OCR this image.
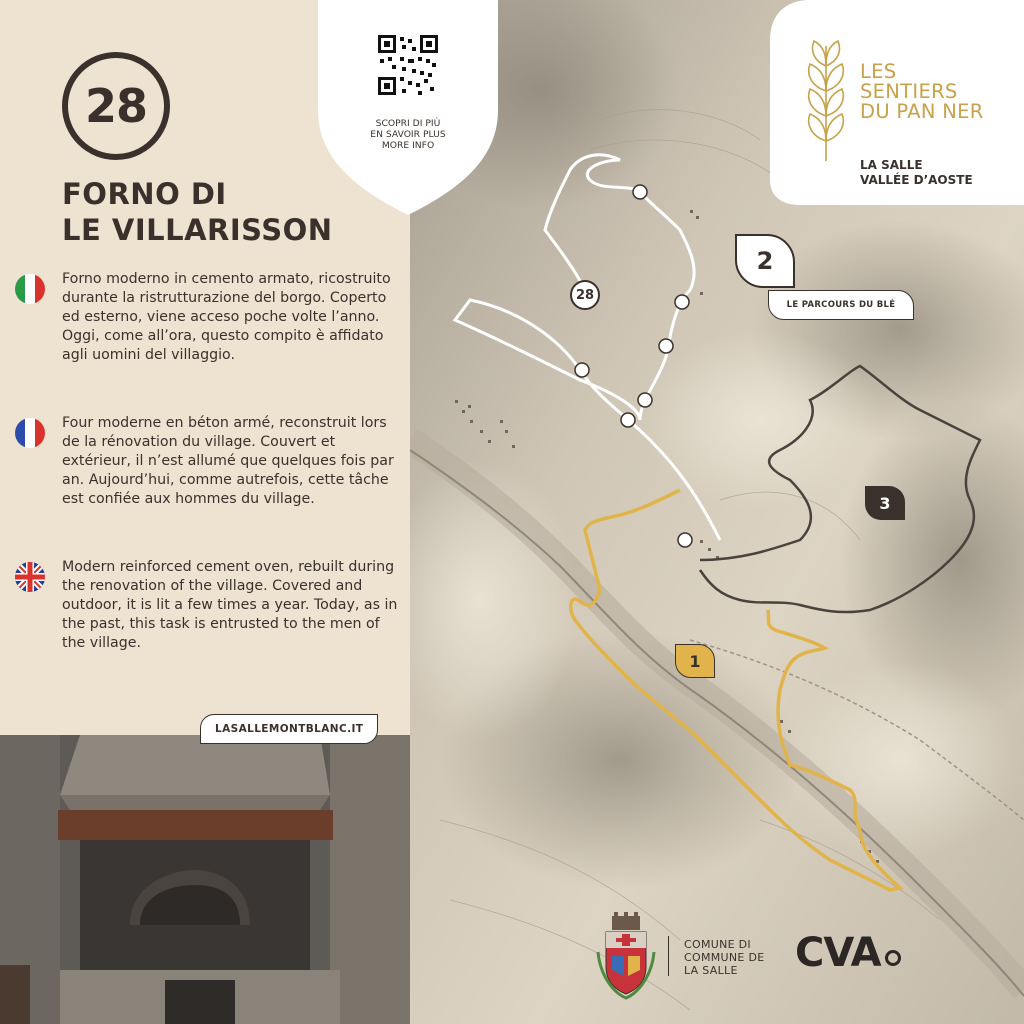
28
2
3
1
LE PARCOURS DU BLÉ
28
FORNO DI
LE VILLARISSON
Forno moderno in cemento armato, ricostruito durante la ristrutturazione del borgo. Coperto ed esterno, viene acceso poche volte l’anno. Oggi, come all’ora, questo compito è affidato agli uomini del villaggio.
Four moderne en béton armé, reconstruit lors de la rénovation du village. Couvert et extérieur, il n’est allumé que quelques fois par an. Aujourd’hui, comme autrefois, cette tâche est confiée aux hommes du village.
Modern reinforced cement oven, rebuilt during the renovation of the village. Covered and outdoor, it is lit a few times a year. Today, as in the past, this task is entrusted to the men of the village.
LASALLEMONTBLANC.IT
SCOPRI DI PIÙ
EN SAVOIR PLUS
MORE INFO
LES
SENTIERS
DU PAN NER
LA SALLE
VALLÉE D’AOSTE
COMUNE DI
COMMUNE DE
LA SALLE	CVA
